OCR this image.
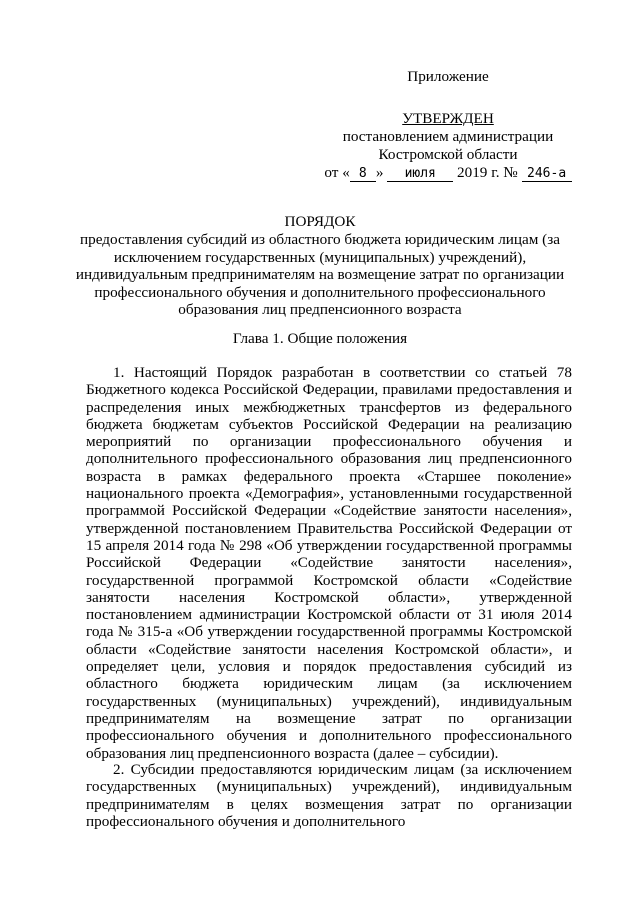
Приложение
УТВЕРЖДЕН
постановлением администрации
Костромской области
от « 8 » июля 2019 г. № 246-а
ПОРЯДОК
предоставления субсидий из областного бюджета юридическим лицам (за исключением государственных (муниципальных) учреждений), индивидуальным предпринимателям на возмещение затрат по организации профессионального обучения и дополнительного профессионального образования лиц предпенсионного возраста
Глава 1. Общие положения
1. Настоящий Порядок разработан в соответствии со статьей 78 Бюджетного кодекса Российской Федерации, правилами предоставления и распределения иных межбюджетных трансфертов из федерального бюджета бюджетам субъектов Российской Федерации на реализацию мероприятий по организации профессионального обучения и дополнительного профессионального образования лиц предпенсионного возраста в рамках федерального проекта «Старшее поколение» национального проекта «Демография», установленными государственной программой Российской Федерации «Содействие занятости населения», утвержденной постановлением Правительства Российской Федерации от 15 апреля 2014 года № 298 «Об утверждении государственной программы Российской Федерации «Содействие занятости населения», государственной программой Костромской области «Содействие занятости населения Костромской области», утвержденной постановлением администрации Костромской области от 31 июля 2014 года № 315-а «Об утверждении государственной программы Костромской области «Содействие занятости населения Костромской области», и определяет цели, условия и порядок предоставления субсидий из областного бюджета юридическим лицам (за исключением государственных (муниципальных) учреждений), индивидуальным предпринимателям на возмещение затрат по организации профессионального обучения и дополнительного профессионального образования лиц предпенсионного возраста (далее – субсидии).
2. Субсидии предоставляются юридическим лицам (за исключением государственных (муниципальных) учреждений), индивидуальным предпринимателям в целях возмещения затрат по организации профессионального обучения и дополнительного
